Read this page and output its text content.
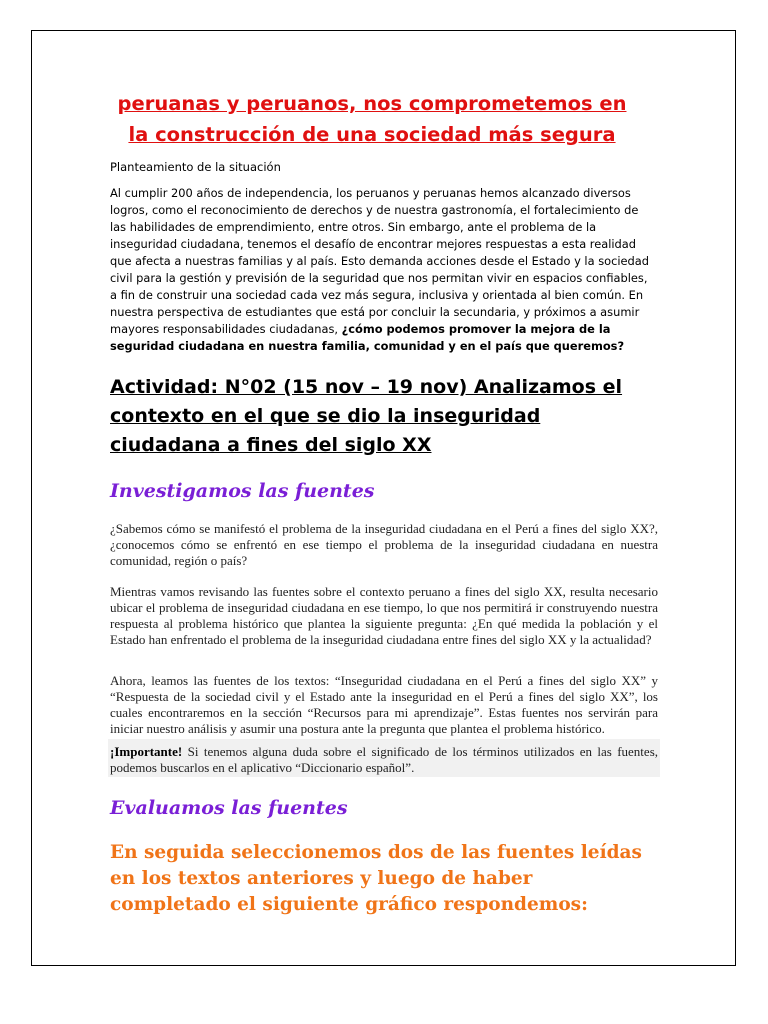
peruanas y peruanos, nos comprometemos en la construcción de una sociedad más segura

Planteamiento de la situación

Al cumplir 200 años de independencia, los peruanos y peruanas hemos alcanzado diversos logros, como el reconocimiento de derechos y de nuestra gastronomía, el fortalecimiento de las habilidades de emprendimiento, entre otros. Sin embargo, ante el problema de la inseguridad ciudadana, tenemos el desafío de encontrar mejores respuestas a esta realidad que afecta a nuestras familias y al país. Esto demanda acciones desde el Estado y la sociedad civil para la gestión y previsión de la seguridad que nos permitan vivir en espacios confiables, a fin de construir una sociedad cada vez más segura, inclusiva y orientada al bien común. En nuestra perspectiva de estudiantes que está por concluir la secundaria, y próximos a asumir mayores responsabilidades ciudadanas, ¿cómo podemos promover la mejora de la seguridad ciudadana en nuestra familia, comunidad y en el país que queremos?

Actividad: N°02 (15 nov – 19 nov) Analizamos el contexto en el que se dio la inseguridad ciudadana a fines del siglo XX
Investigamos las fuentes

¿Sabemos cómo se manifestó el problema de la inseguridad ciudadana en el Perú a fines del siglo XX?, ¿conocemos cómo se enfrentó en ese tiempo el problema de la inseguridad ciudadana en nuestra comunidad, región o país?

Mientras vamos revisando las fuentes sobre el contexto peruano a fines del siglo XX, resulta necesario ubicar el problema de inseguridad ciudadana en ese tiempo, lo que nos permitirá ir construyendo nuestra respuesta al problema histórico que plantea la siguiente pregunta: ¿En qué medida la población y el Estado han enfrentado el problema de la inseguridad ciudadana entre fines del siglo XX y la actualidad?

Ahora, leamos las fuentes de los textos: “Inseguridad ciudadana en el Perú a fines del siglo XX” y “Respuesta de la sociedad civil y el Estado ante la inseguridad en el Perú a fines del siglo XX”, los cuales encontraremos en la sección “Recursos para mi aprendizaje”. Estas fuentes nos servirán para iniciar nuestro análisis y asumir una postura ante la pregunta que plantea el problema histórico.

¡Importante! Si tenemos alguna duda sobre el significado de los términos utilizados en las fuentes, podemos buscarlos en el aplicativo “Diccionario español”.

Evaluamos las fuentes

En seguida seleccionemos dos de las fuentes leídas en los textos anteriores y luego de haber completado el siguiente gráfico respondemos:
